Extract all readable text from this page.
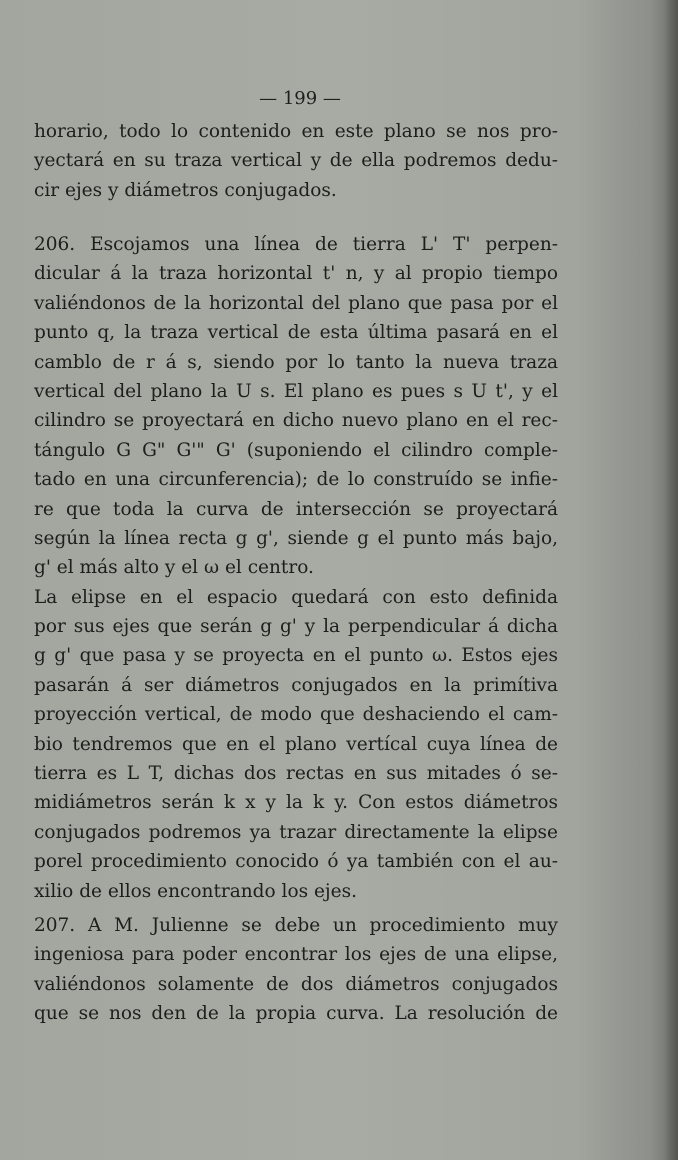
— 199 —
horario, todo lo contenido en este plano se nos pro-
yectará en su traza vertical y de ella podremos dedu-
cir ejes y diámetros conjugados.
206. Escojamos una línea de tierra L' T' perpen-
dicular á la traza horizontal t' n, y al propio tiempo
valiéndonos de la horizontal del plano que pasa por el
punto q, la traza vertical de esta última pasará en el
camblo de r á s, siendo por lo tanto la nueva traza
vertical del plano la U s. El plano es pues s U t', y el
cilindro se proyectará en dicho nuevo plano en el rec-
tángulo G G" G'" G' (suponiendo el cilindro comple-
tado en una circunferencia); de lo construído se infie-
re que toda la curva de intersección se proyectará
según la línea recta g g', siende g el punto más bajo,
g' el más alto y el ω el centro.
La elipse en el espacio quedará con esto definida
por sus ejes que serán g g' y la perpendicular á dicha
g g' que pasa y se proyecta en el punto ω. Estos ejes
pasarán á ser diámetros conjugados en la primítiva
proyección vertical, de modo que deshaciendo el cam-
bio tendremos que en el plano vertícal cuya línea de
tierra es L T, dichas dos rectas en sus mitades ó se-
midiámetros serán k x y la k y. Con estos diámetros
conjugados podremos ya trazar directamente la elipse
porel procedimiento conocido ó ya también con el au-
xilio de ellos encontrando los ejes.
207. A M. Julienne se debe un procedimiento muy
ingeniosa para poder encontrar los ejes de una elipse,
valiéndonos solamente de dos diámetros conjugados
que se nos den de la propia curva. La resolución de
